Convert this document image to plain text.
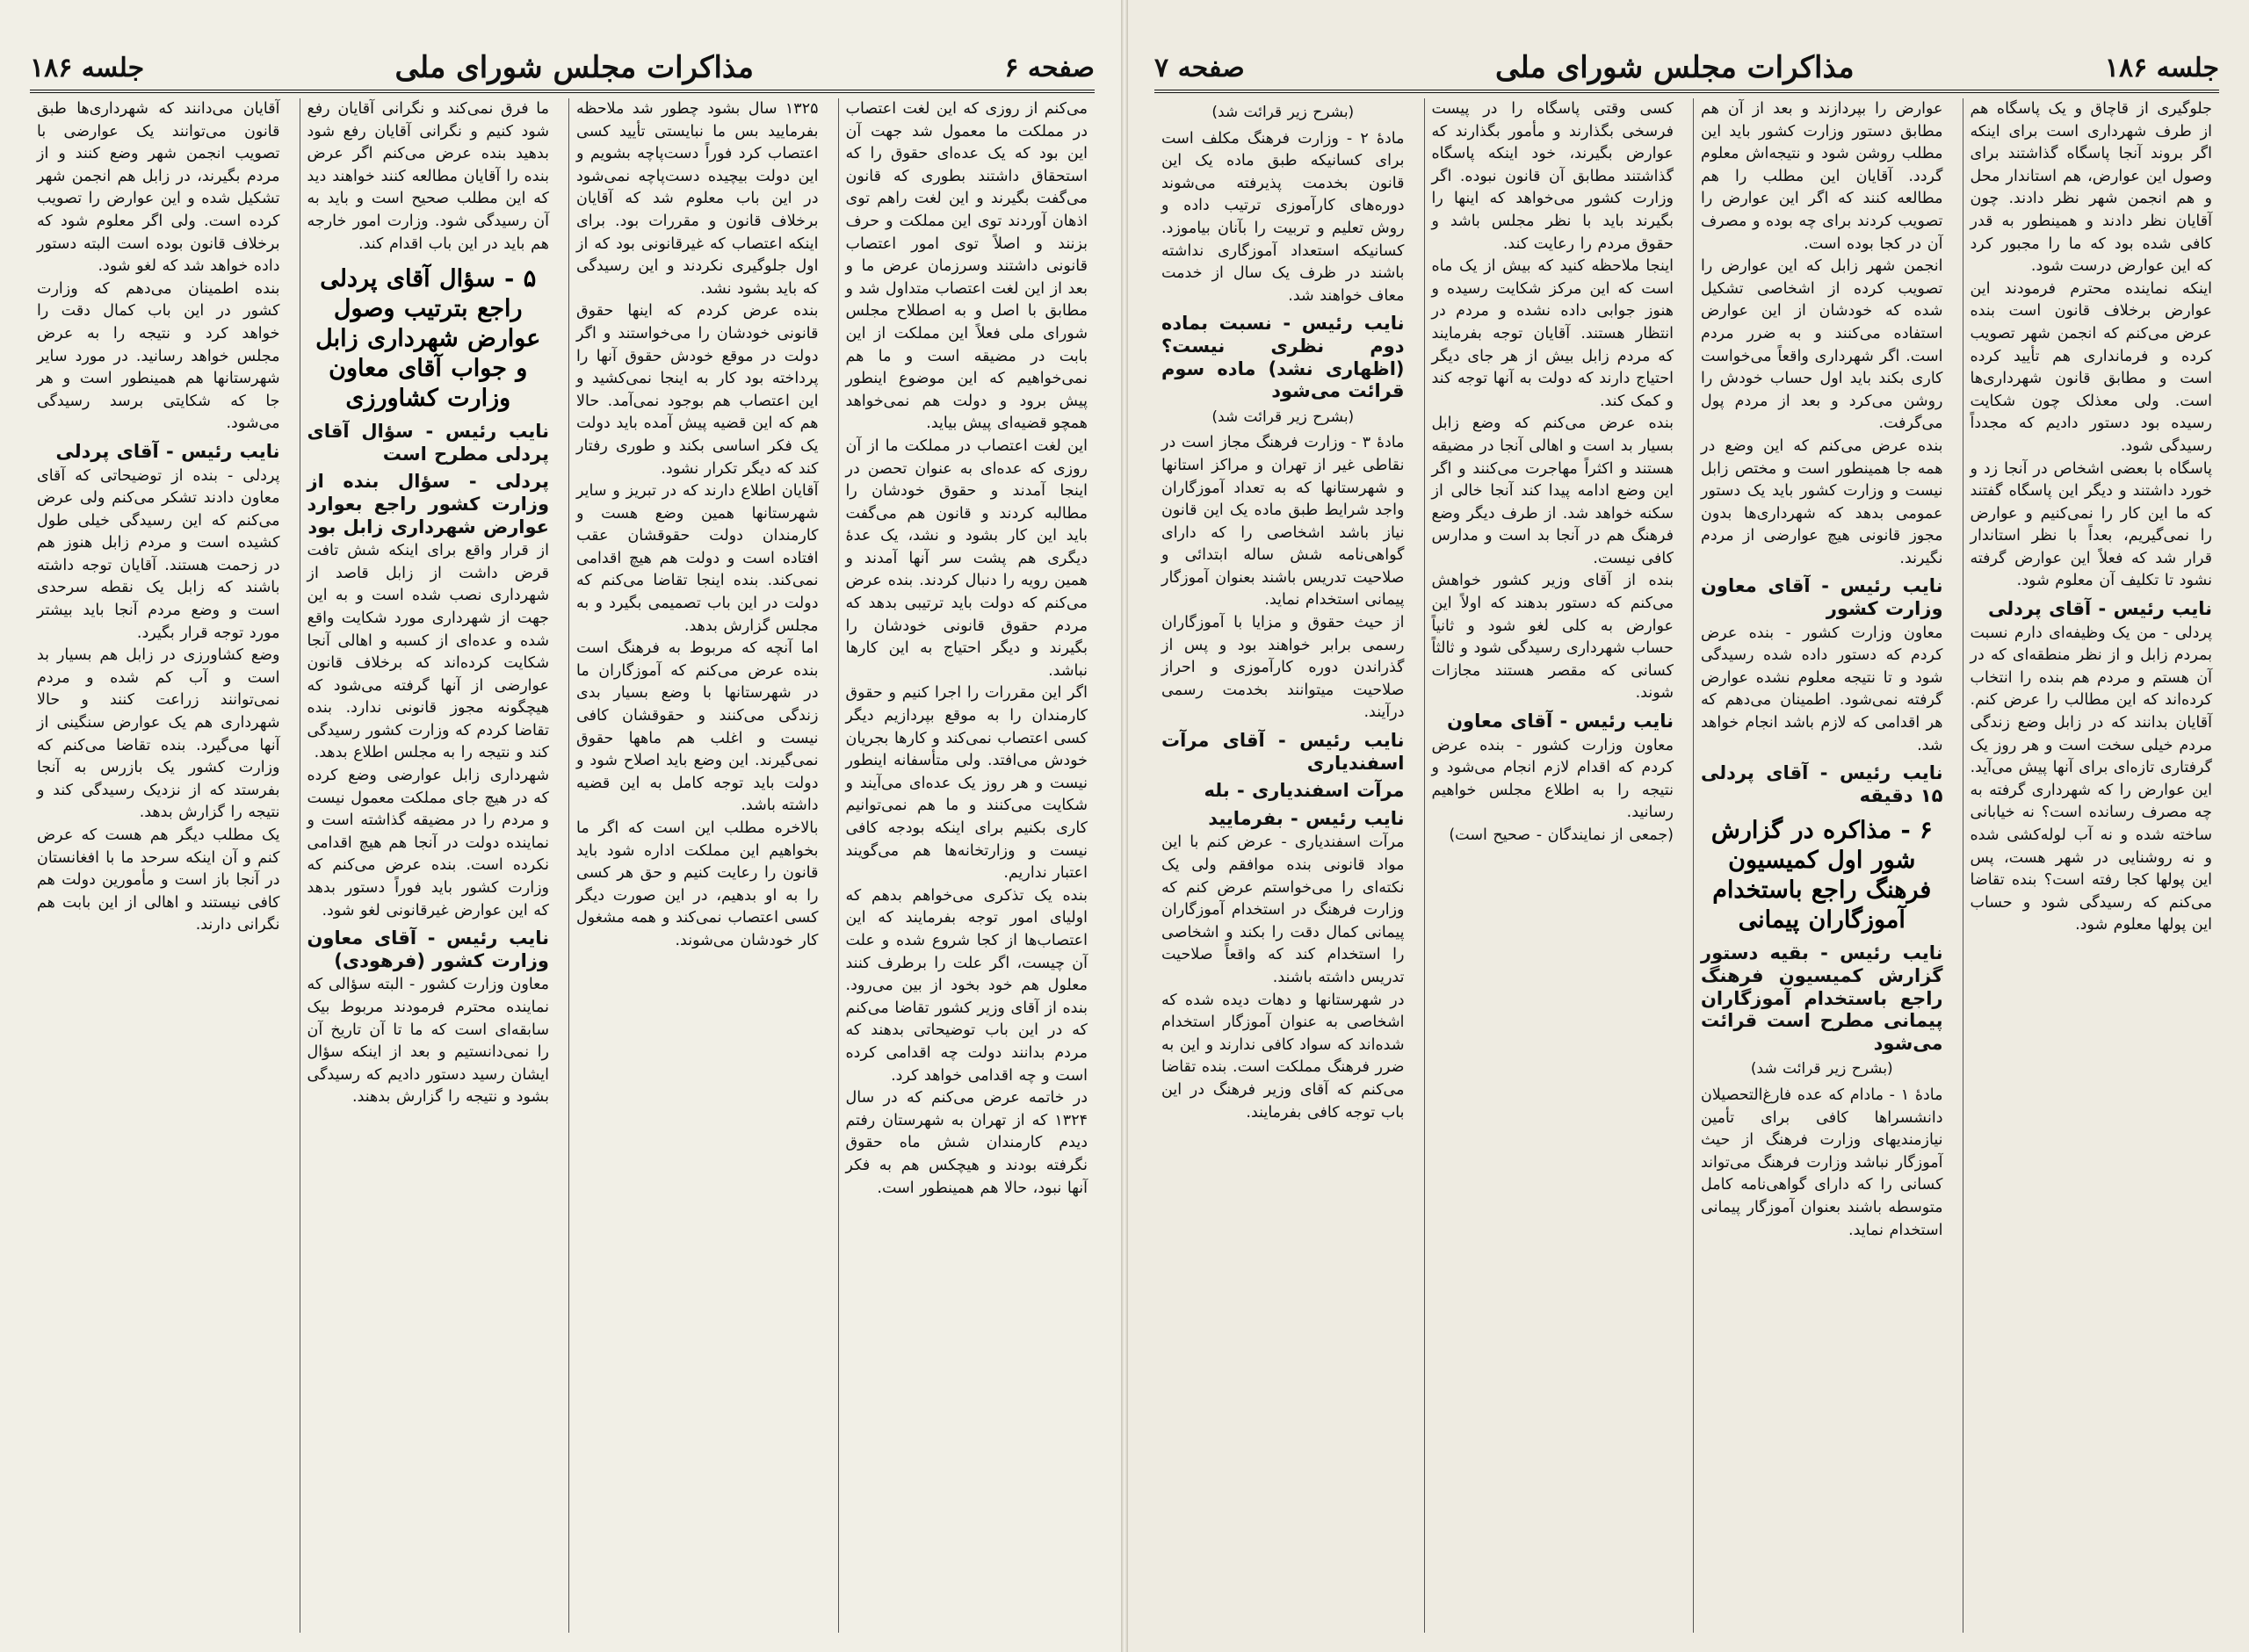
صفحه ۶
مذاکرات مجلس شورای ملی
جلسه ۱۸۶

می‌کنم از روزی که این لغت اعتصاب در مملکت ما معمول شد جهت آن این بود که یک عده‌ای حقوق را که استحقاق داشتند بطوری که قانون می‌گفت بگیرند و این لغت راهم توی اذهان آوردند توی این مملکت و حرف بزنند و اصلاً توی امور اعتصاب قانونی داشتند وسرزمان عرض ما و بعد از این لغت اعتصاب متداول شد و مطابق با اصل و به اصطلاح مجلس شورای ملی فعلاً این مملکت از این بابت در مضیقه است و ما هم نمی‌خواهیم که این موضوع اینطور پیش برود و دولت هم نمی‌خواهد همچو قضیه‌ای پیش بیاید.

این لغت اعتصاب در مملکت ما از آن روزی که عده‌ای به عنوان تحصن در اینجا آمدند و حقوق خودشان را مطالبه کردند و قانون هم می‌گفت باید این کار بشود و نشد، یک عدهٔ دیگری هم پشت سر آنها آمدند و همین رویه را دنبال کردند. بنده عرض می‌کنم که دولت باید ترتیبی بدهد که مردم حقوق قانونی خودشان را بگیرند و دیگر احتیاج به این کارها نباشد.

اگر این مقررات را اجرا کنیم و حقوق کارمندان را به موقع بپردازیم دیگر کسی اعتصاب نمی‌کند و کارها بجریان خودش می‌افتد. ولی متأسفانه اینطور نیست و هر روز یک عده‌ای می‌آیند و شکایت می‌کنند و ما هم نمی‌توانیم کاری بکنیم برای اینکه بودجه کافی نیست و وزارتخانه‌ها هم می‌گویند اعتبار نداریم.

بنده یک تذکری می‌خواهم بدهم که اولیای امور توجه بفرمایند که این اعتصاب‌ها از کجا شروع شده و علت آن چیست، اگر علت را برطرف کنند معلول هم خود بخود از بین می‌رود. بنده از آقای وزیر کشور تقاضا می‌کنم که در این باب توضیحاتی بدهند که مردم بدانند دولت چه اقدامی کرده است و چه اقدامی خواهد کرد.

در خاتمه عرض می‌کنم که در سال ۱۳۲۴ که از تهران به شهرستان رفتم دیدم کارمندان شش ماه حقوق نگرفته بودند و هیچکس هم به فکر آنها نبود، حالا هم همینطور است.

۱۳۲۵ سال بشود چطور شد ملاحظه بفرمایید بس ما نبایستی تأیید کسی اعتصاب کرد فوراً دست‌پاچه بشویم و این دولت بیچیده دست‌پاچه نمی‌شود در این باب معلوم شد که آقایان برخلاف قانون و مقررات بود. برای اینکه اعتصاب که غیرقانونی بود که از اول جلوگیری نکردند و این رسیدگی که باید بشود نشد.

بنده عرض کردم که اینها حقوق قانونی خودشان را می‌خواستند و اگر دولت در موقع خودش حقوق آنها را پرداخته بود کار به اینجا نمی‌کشید و این اعتصاب هم بوجود نمی‌آمد. حالا هم که این قضیه پیش آمده باید دولت یک فکر اساسی بکند و طوری رفتار کند که دیگر تکرار نشود.

آقایان اطلاع دارند که در تبریز و سایر شهرستانها همین وضع هست و کارمندان دولت حقوقشان عقب افتاده است و دولت هم هیچ اقدامی نمی‌کند. بنده اینجا تقاضا می‌کنم که دولت در این باب تصمیمی بگیرد و به مجلس گزارش بدهد.

اما آنچه که مربوط به فرهنگ است بنده عرض می‌کنم که آموزگاران ما در شهرستانها با وضع بسیار بدی زندگی می‌کنند و حقوقشان کافی نیست و اغلب هم ماهها حقوق نمی‌گیرند. این وضع باید اصلاح شود و دولت باید توجه کامل به این قضیه داشته باشد.

بالاخره مطلب این است که اگر ما بخواهیم این مملکت اداره شود باید قانون را رعایت کنیم و حق هر کسی را به او بدهیم، در این صورت دیگر کسی اعتصاب نمی‌کند و همه مشغول کار خودشان می‌شوند.

ما فرق نمی‌کند و نگرانی آقایان رفع شود کنیم و نگرانی آقایان رفع شود بدهید بنده عرض می‌کنم اگر عرض بنده را آقایان مطالعه کنند خواهند دید که این مطلب صحیح است و باید به آن رسیدگی شود. وزارت امور خارجه هم باید در این باب اقدام کند.

۵ - سؤال آقای پردلی راجع بترتیب وصول عوارض شهرداری زابل و جواب آقای معاون وزارت کشاورزی
نایب رئیس - سؤال آقای پردلی مطرح است
پردلی - سؤال بنده از وزارت کشور راجع بعوارد عوارض شهرداری زابل بود

از قرار واقع برای اینکه شش تافت قرض داشت از زابل قاصد از شهرداری نصب شده است و به این جهت از شهرداری مورد شکایت واقع شده و عده‌ای از کسبه و اهالی آنجا شکایت کرده‌اند که برخلاف قانون عوارضی از آنها گرفته می‌شود که هیچگونه مجوز قانونی ندارد. بنده تقاضا کردم که وزارت کشور رسیدگی کند و نتیجه را به مجلس اطلاع بدهد.

شهرداری زابل عوارضی وضع کرده که در هیچ جای مملکت معمول نیست و مردم را در مضیقه گذاشته است و نماینده دولت در آنجا هم هیچ اقدامی نکرده است. بنده عرض می‌کنم که وزارت کشور باید فوراً دستور بدهد که این عوارض غیرقانونی لغو شود.

نایب رئیس - آقای معاون وزارت کشور (فرهودی)

معاون وزارت کشور - البته سؤالی که نماینده محترم فرمودند مربوط بیک سابقه‌ای است که ما تا آن تاریخ آن را نمی‌دانستیم و بعد از اینکه سؤال ایشان رسید دستور دادیم که رسیدگی بشود و نتیجه را گزارش بدهند.

آقایان می‌دانند که شهرداری‌ها طبق قانون می‌توانند یک عوارضی با تصویب انجمن شهر وضع کنند و از مردم بگیرند، در زابل هم انجمن شهر تشکیل شده و این عوارض را تصویب کرده است. ولی اگر معلوم شود که برخلاف قانون بوده است البته دستور داده خواهد شد که لغو شود.

بنده اطمینان می‌دهم که وزارت کشور در این باب کمال دقت را خواهد کرد و نتیجه را به عرض مجلس خواهد رسانید. در مورد سایر شهرستانها هم همینطور است و هر جا که شکایتی برسد رسیدگی می‌شود.

نایب رئیس - آقای پردلی

پردلی - بنده از توضیحاتی که آقای معاون دادند تشکر می‌کنم ولی عرض می‌کنم که این رسیدگی خیلی طول کشیده است و مردم زابل هنوز هم در زحمت هستند. آقایان توجه داشته باشند که زابل یک نقطه سرحدی است و وضع مردم آنجا باید بیشتر مورد توجه قرار بگیرد.

وضع کشاورزی در زابل هم بسیار بد است و آب کم شده و مردم نمی‌توانند زراعت کنند و حالا شهرداری هم یک عوارض سنگینی از آنها می‌گیرد. بنده تقاضا می‌کنم که وزارت کشور یک بازرس به آنجا بفرستد که از نزدیک رسیدگی کند و نتیجه را گزارش بدهد.

یک مطلب دیگر هم هست که عرض کنم و آن اینکه سرحد ما با افغانستان در آنجا باز است و مأمورین دولت هم کافی نیستند و اهالی از این بابت هم نگرانی دارند.

جلسه ۱۸۶
مذاکرات مجلس شورای ملی
صفحه ۷

جلوگیری از قاچاق و یک پاسگاه هم از طرف شهرداری است برای اینکه اگر بروند آنجا پاسگاه گذاشتند برای وصول این عوارض، هم استاندار محل و هم انجمن شهر نظر دادند. چون آقایان نظر دادند و همینطور به قدر کافی شده بود که ما را مجبور کرد که این عوارض درست شود.

اینکه نماینده محترم فرمودند این عوارض برخلاف قانون است بنده عرض می‌کنم که انجمن شهر تصویب کرده و فرمانداری هم تأیید کرده است و مطابق قانون شهرداری‌ها است. ولی معذلک چون شکایت رسیده بود دستور دادیم که مجدداً رسیدگی شود.

پاسگاه با بعضی اشخاص در آنجا زد و خورد داشتند و دیگر این پاسگاه گفتند که ما این کار را نمی‌کنیم و عوارض را نمی‌گیریم، بعداً با نظر استاندار قرار شد که فعلاً این عوارض گرفته نشود تا تکلیف آن معلوم شود.

نایب رئیس - آقای پردلی

پردلی - من یک وظیفه‌ای دارم نسبت بمردم زابل و از نظر منطقه‌ای که در آن هستم و مردم هم بنده را انتخاب کرده‌اند که این مطالب را عرض کنم. آقایان بدانند که در زابل وضع زندگی مردم خیلی سخت است و هر روز یک گرفتاری تازه‌ای برای آنها پیش می‌آید.

این عوارض را که شهرداری گرفته به چه مصرف رسانده است؟ نه خیابانی ساخته شده و نه آب لوله‌کشی شده و نه روشنایی در شهر هست، پس این پولها کجا رفته است؟ بنده تقاضا می‌کنم که رسیدگی شود و حساب این پولها معلوم شود.

عوارض را بپردازند و بعد از آن هم مطابق دستور وزارت کشور باید این مطلب روشن شود و نتیجه‌اش معلوم گردد. آقایان این مطلب را هم مطالعه کنند که اگر این عوارض را تصویب کردند برای چه بوده و مصرف آن در کجا بوده است.

انجمن شهر زابل که این عوارض را تصویب کرده از اشخاصی تشکیل شده که خودشان از این عوارض استفاده می‌کنند و به ضرر مردم است. اگر شهرداری واقعاً می‌خواست کاری بکند باید اول حساب خودش را روشن می‌کرد و بعد از مردم پول می‌گرفت.

بنده عرض می‌کنم که این وضع در همه جا همینطور است و مختص زابل نیست و وزارت کشور باید یک دستور عمومی بدهد که شهرداری‌ها بدون مجوز قانونی هیچ عوارضی از مردم نگیرند.

نایب رئیس - آقای معاون وزارت کشور

معاون وزارت کشور - بنده عرض کردم که دستور داده شده رسیدگی شود و تا نتیجه معلوم نشده عوارض گرفته نمی‌شود. اطمینان می‌دهم که هر اقدامی که لازم باشد انجام خواهد شد.

نایب رئیس - آقای پردلی ۱۵ دقیقه
۶ - مذاکره در گزارش شور اول کمیسیون فرهنگ راجع باستخدام آموزگاران پیمانی
نایب رئیس - بقیه دستور گزارش کمیسیون فرهنگ راجع باستخدام آموزگاران پیمانی مطرح است قرائت می‌شود
(بشرح زیر قرائت شد)

مادهٔ ۱ - مادام که عده فارغ‌التحصیلان دانشسراها کافی برای تأمین نیازمندیهای وزارت فرهنگ از حیث آموزگار نباشد وزارت فرهنگ می‌تواند کسانی را که دارای گواهی‌نامه کامل متوسطه باشند بعنوان آموزگار پیمانی استخدام نماید.

کسی وقتی پاسگاه را در پیست فرسخی بگذارند و مأمور بگذارند که عوارض بگیرند، خود اینکه پاسگاه گذاشتند مطابق آن قانون نبوده. اگر وزارت کشور می‌خواهد که اینها را بگیرند باید با نظر مجلس باشد و حقوق مردم را رعایت کند.

اینجا ملاحظه کنید که بیش از یک ماه است که این مرکز شکایت رسیده و هنوز جوابی داده نشده و مردم در انتظار هستند. آقایان توجه بفرمایند که مردم زابل بیش از هر جای دیگر احتیاج دارند که دولت به آنها توجه کند و کمک کند.

بنده عرض می‌کنم که وضع زابل بسیار بد است و اهالی آنجا در مضیقه هستند و اکثراً مهاجرت می‌کنند و اگر این وضع ادامه پیدا کند آنجا خالی از سکنه خواهد شد. از طرف دیگر وضع فرهنگ هم در آنجا بد است و مدارس کافی نیست.

بنده از آقای وزیر کشور خواهش می‌کنم که دستور بدهند که اولاً این عوارض به کلی لغو شود و ثانیاً حساب شهرداری رسیدگی شود و ثالثاً کسانی که مقصر هستند مجازات شوند.

نایب رئیس - آقای معاون

معاون وزارت کشور - بنده عرض کردم که اقدام لازم انجام می‌شود و نتیجه را به اطلاع مجلس خواهیم رسانید.

(جمعی از نمایندگان - صحیح است)

(بشرح زیر قرائت شد)

مادهٔ ۲ - وزارت فرهنگ مکلف است برای کسانیکه طبق ماده یک این قانون بخدمت پذیرفته می‌شوند دوره‌های کارآموزی ترتیب داده و روش تعلیم و تربیت را بآنان بیاموزد. کسانیکه استعداد آموزگاری نداشته باشند در ظرف یک سال از خدمت معاف خواهند شد.

نایب رئیس - نسبت بماده دوم نظری نیست؟ (اظهاری نشد) ماده سوم قرائت می‌شود
(بشرح زیر قرائت شد)

مادهٔ ۳ - وزارت فرهنگ مجاز است در نقاطی غیر از تهران و مراکز استانها و شهرستانها که به تعداد آموزگاران واجد شرایط طبق ماده یک این قانون نیاز باشد اشخاصی را که دارای گواهی‌نامه شش ساله ابتدائی و صلاحیت تدریس باشند بعنوان آموزگار پیمانی استخدام نماید.

از حیث حقوق و مزایا با آموزگاران رسمی برابر خواهند بود و پس از گذراندن دوره کارآموزی و احراز صلاحیت میتوانند بخدمت رسمی درآیند.

نایب رئیس - آقای مرآت اسفندیاری
مرآت اسفندیاری - بله
نایب رئیس - بفرمایید

مرآت اسفندیاری - عرض کنم با این مواد قانونی بنده موافقم ولی یک نکته‌ای را می‌خواستم عرض کنم که وزارت فرهنگ در استخدام آموزگاران پیمانی کمال دقت را بکند و اشخاصی را استخدام کند که واقعاً صلاحیت تدریس داشته باشند.

در شهرستانها و دهات دیده شده که اشخاصی به عنوان آموزگار استخدام شده‌اند که سواد کافی ندارند و این به ضرر فرهنگ مملکت است. بنده تقاضا می‌کنم که آقای وزیر فرهنگ در این باب توجه کافی بفرمایند.
